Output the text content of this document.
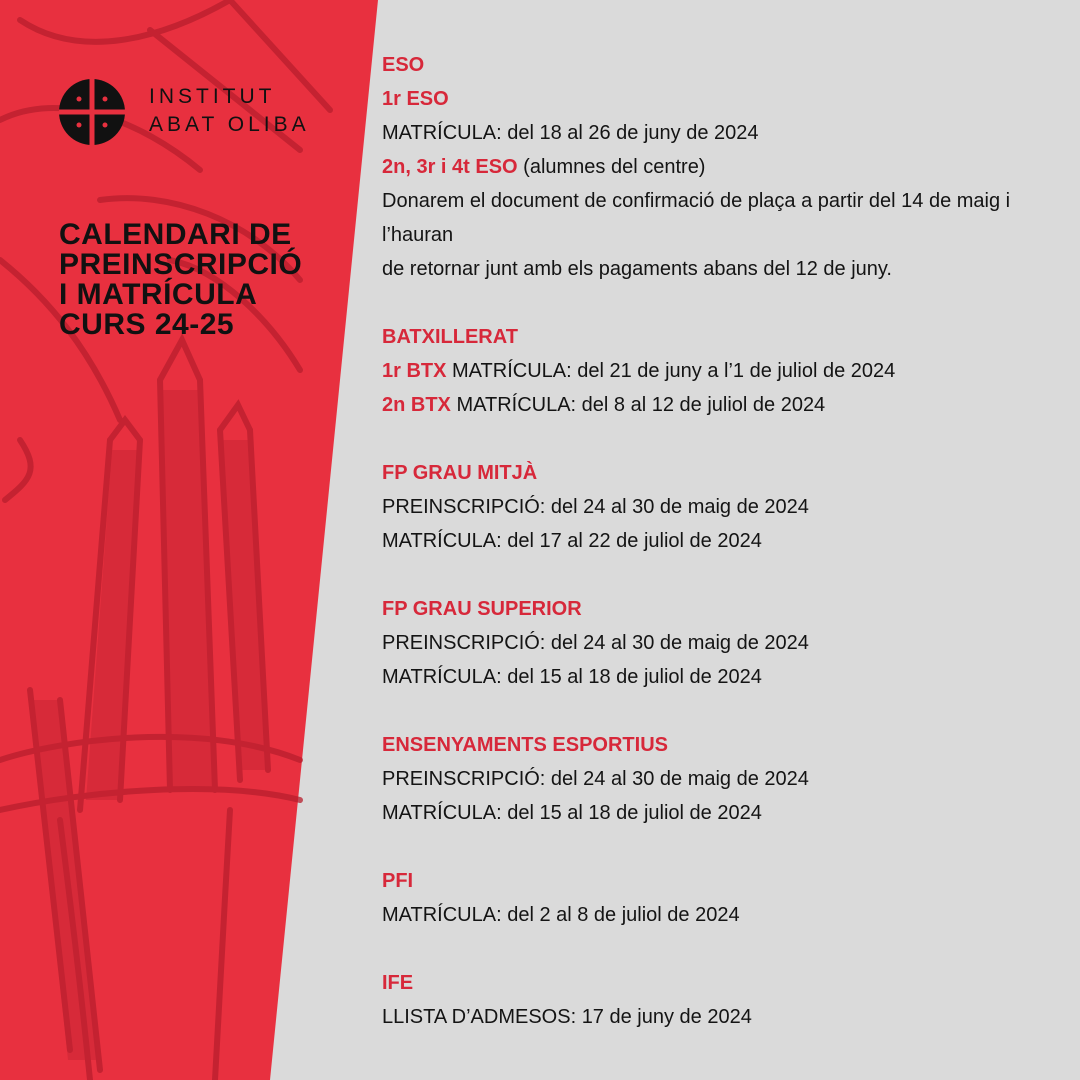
INSTITUT
ABAT OLIBA
CALENDARI DE
PREINSCRIPCIÓ
I MATRÍCULA
CURS 24-25
ESO
1r ESO
MATRÍCULA: del 18 al 26 de juny de 2024
2n, 3r i 4t ESO (alumnes del centre)
Donarem el document de confirmació de plaça a partir del 14 de maig i l’hauran
de retornar junt amb els pagaments abans del 12 de juny.
BATXILLERAT
1r BTX MATRÍCULA: del 21 de juny a l’1 de juliol de 2024
2n BTX MATRÍCULA: del 8 al 12 de juliol de 2024
FP GRAU MITJÀ
PREINSCRIPCIÓ: del 24 al 30 de maig de 2024
MATRÍCULA: del 17 al 22 de juliol de 2024
FP GRAU SUPERIOR
PREINSCRIPCIÓ: del 24 al 30 de maig de 2024
MATRÍCULA: del 15 al 18 de juliol de 2024
ENSENYAMENTS ESPORTIUS
PREINSCRIPCIÓ: del 24 al 30 de maig de 2024
MATRÍCULA: del 15 al 18 de juliol de 2024
PFI
MATRÍCULA: del 2 al 8 de juliol de 2024
IFE
LLISTA D’ADMESOS: 17 de juny de 2024
